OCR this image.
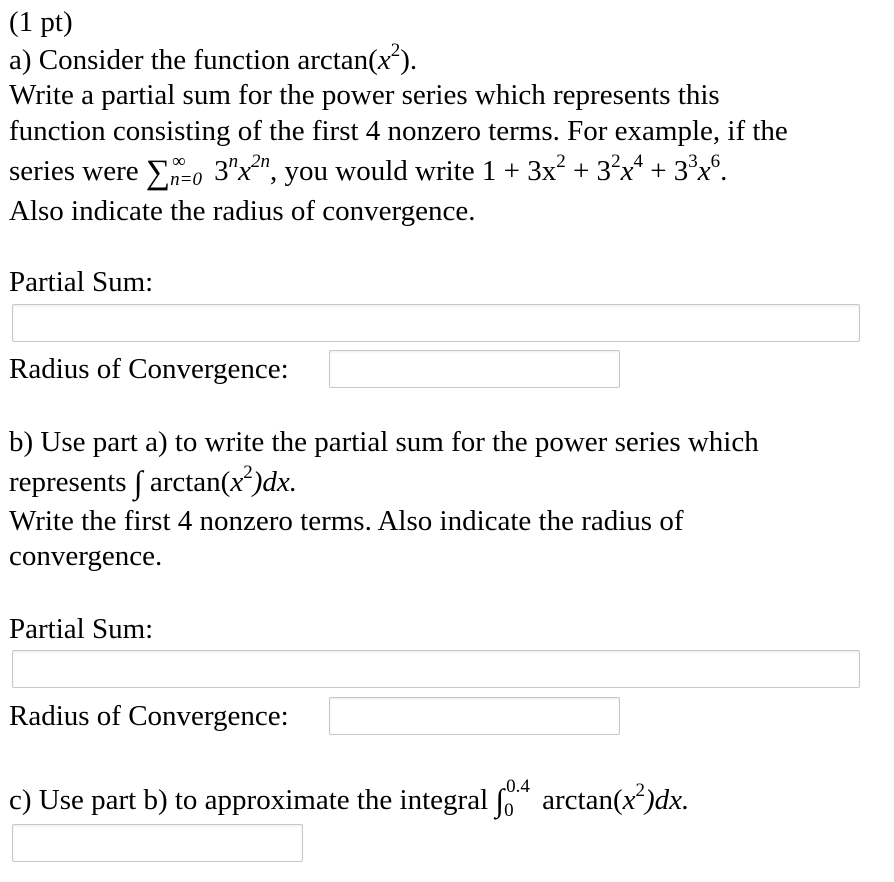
(1 pt)
a) Consider the function $\arctan(x^2)$.
Write a partial sum for the power series which represents this
function consisting of the first 4 nonzero terms. For example, if the
series were ∑ ∞
n=0 $3^nx^{2n}$, you would write $1 + 3x^2 + 3^2x^4 + 3^3x^6$.
Also indicate the radius of convergence.
Partial Sum:
Radius of Convergence:
b) Use part a) to write the partial sum for the power series which
represents ∫ $\arctan(x^2)dx$.
Write the first 4 nonzero terms. Also indicate the radius of
convergence.
Partial Sum:
Radius of Convergence:
c) Use part b) to approximate the integral ∫ 0.4
0 $\arctan(x^2)dx$.
